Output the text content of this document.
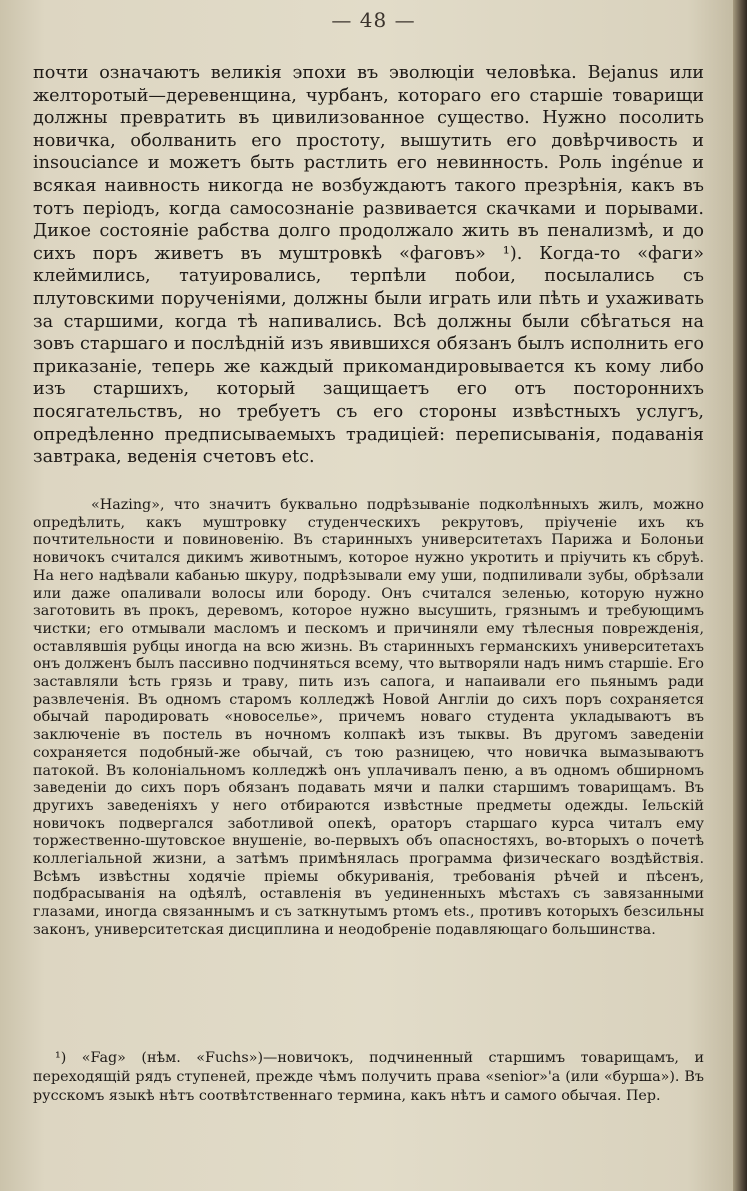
— 48 —

почти означаютъ великія эпохи въ эволюціи человѣка. Bejanus или желторотый—деревенщина, чурбанъ, котораго его старшіе товарищи должны превратить въ цивилизованное существо. Нужно посолить новичка, оболванить его простоту, вышутить его довѣрчивость и insouciance и можетъ быть растлить его невинность. Роль ingénue и всякая наивность никогда не возбуждаютъ такого презрѣнія, какъ въ тотъ періодъ, когда самосознаніе развивается скачками и порывами. Дикое состояніе рабства долго продолжало жить въ пенализмѣ, и до сихъ поръ живетъ въ муштровкѣ «фаговъ» ¹). Когда-то «фаги» клеймились, татуировались, терпѣли побои, посылались съ плутовскими порученіями, должны были играть или пѣть и ухаживать за старшими, когда тѣ напивались. Всѣ должны были сбѣгаться на зовъ старшаго и послѣдній изъ явившихся обязанъ былъ исполнить его приказаніе, теперь же каждый прикомандировывается къ кому либо изъ старшихъ, который защищаетъ его отъ постороннихъ посягательствъ, но требуетъ съ его стороны извѣстныхъ услугъ, опредѣленно предписываемыхъ традиціей: переписыванія, подаванія завтрака, веденія счетовъ etc.

«Hazing», что значитъ буквально подрѣзываніе подколѣнныхъ жилъ, можно опредѣлить, какъ муштровку студенческихъ рекрутовъ, пріученіе ихъ къ почтительности и повиновенію. Въ старинныхъ университетахъ Парижа и Болоньи новичокъ считался дикимъ животнымъ, которое нужно укротить и пріучить къ сбруѣ. На него надѣвали кабанью шкуру, подрѣзывали ему уши, подпиливали зубы, обрѣзали или даже опаливали волосы или бороду. Онъ считался зеленью, которую нужно заготовить въ прокъ, деревомъ, которое нужно высушить, грязнымъ и требующимъ чистки; его отмывали масломъ и пескомъ и причиняли ему тѣлесныя поврежденія, оставлявшія рубцы иногда на всю жизнь. Въ старинныхъ германскихъ университетахъ онъ долженъ былъ пассивно подчиняться всему, что вытворяли надъ нимъ старшіе. Его заставляли ѣсть грязь и траву, пить изъ сапога, и напаивали его пьянымъ ради развлеченія. Въ одномъ старомъ колледжѣ Новой Англіи до сихъ поръ сохраняется обычай пародировать «новоселье», причемъ новаго студента укладываютъ въ заключеніе въ постель въ ночномъ колпакѣ изъ тыквы. Въ другомъ заведеніи сохраняется подобный-же обычай, съ тою разницею, что новичка вымазываютъ патокой. Въ колоніальномъ колледжѣ онъ уплачивалъ пеню, а въ одномъ обширномъ заведеніи до сихъ поръ обязанъ подавать мячи и палки старшимъ товарищамъ. Въ другихъ заведеніяхъ у него отбираются извѣстные предметы одежды. Іельскій новичокъ подвергался заботливой опекѣ, ораторъ старшаго курса читалъ ему торжественно-шутовское внушеніе, во-первыхъ объ опасностяхъ, во-вторыхъ о почетѣ коллегіальной жизни, а затѣмъ примѣнялась программа физическаго воздѣйствія. Всѣмъ извѣстны ходячіе пріемы обкуриванія, требованія рѣчей и пѣсенъ, подбрасыванія на одѣялѣ, оставленія въ уединенныхъ мѣстахъ съ завязанными глазами, иногда связаннымъ и съ заткнутымъ ртомъ ets., противъ которыхъ безсильны законъ, университетская дисциплина и неодобреніе подавляющаго большинства.

¹) «Fag» (нѣм. «Fuchs»)—новичокъ, подчиненный старшимъ товарищамъ, и переходящій рядъ ступеней, прежде чѣмъ получить права «senior»'а (или «бурша»). Въ русскомъ языкѣ нѣтъ соотвѣтственнаго термина, какъ нѣтъ и самого обычая. Пер.
